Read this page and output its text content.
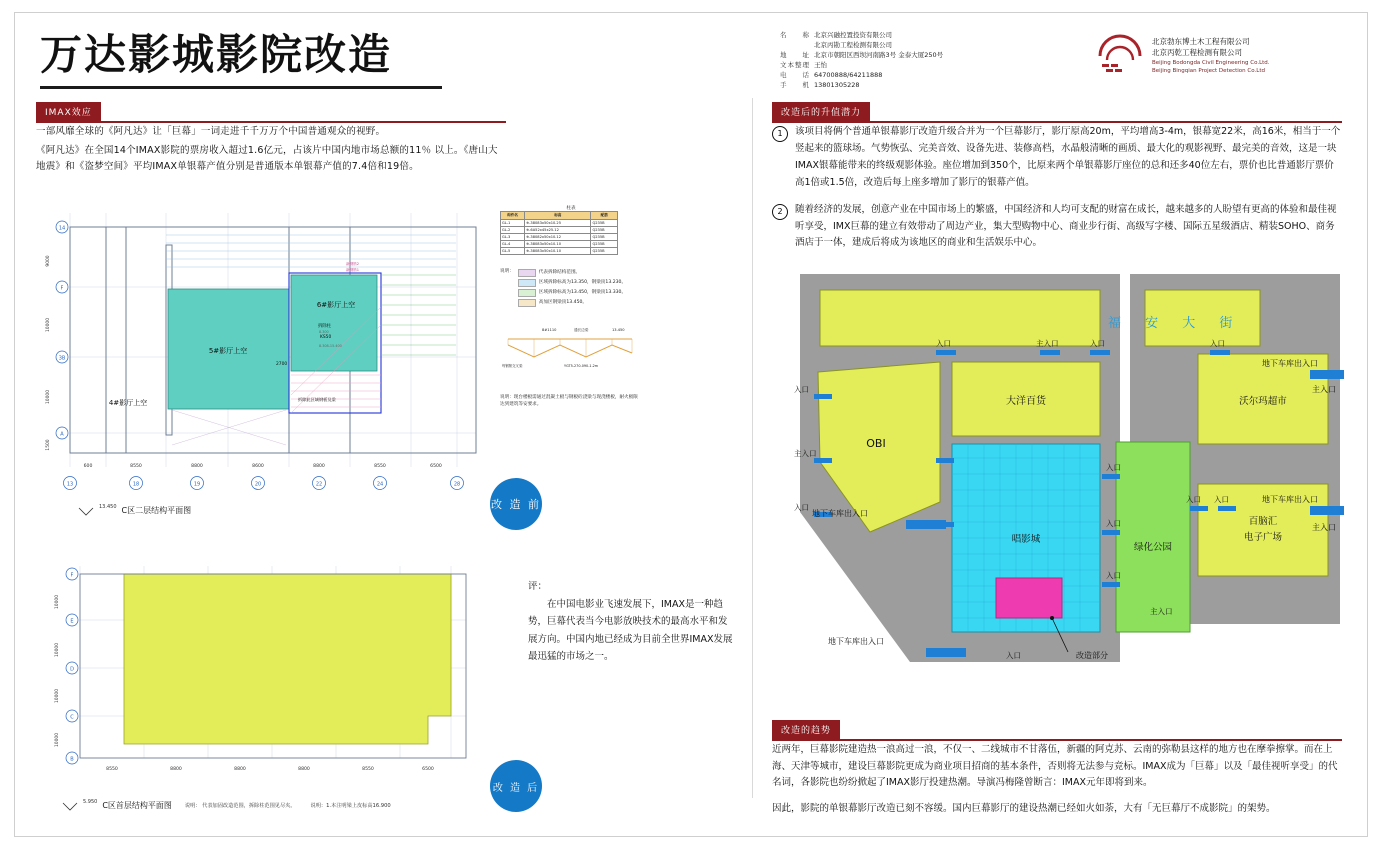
万达影城影院改造	名　　称	北京兴融控置投资有限公司
	北京丙勘工程检测有限公司
地　　址	北京市朝阳区西坝河南路3号 金泰大厦250号
文本整理	王怡
电　　话	64700888/64211888
手　　机	13801305228
北京勃东博土木工程有限公司
北京丙乾工程检测有限公司
Beijing Bodongda Civil Engineering Co.Ltd.
Beijing Bingqian Project Detection Co.Ltd
IMAX效应
一部风靡全球的《阿凡达》让「巨幕」一词走进千千万万个中国普通观众的视野。
《阿凡达》在全国14个IMAX影院的票房收入超过1.6亿元，占该片中国内地市场总额的11％ 以上。《唐山大地震》和《盗梦空间》平均IMAX单银幕产值分别是普通版本单银幕产值的7.4倍和19倍。
14
F
3B
A
9000
10000
10000
1500
600	8550	8800	8600	8800	8550	6500
13	18	19	20	22	24	28
5#影厅上空
6#影厅上空
4#影厅上空
拆除柱
KS50
2700
拆除此区域钢板及梁
新钢筋2
新钢筋1
8.300
8.308-15.400
柱表
构件名	标高	配筋
GL-1	※-38083x50x10.25	Q235B
GL-2	※-6A52x45x25.12	Q235B
GL-3	※-38082x50x10.12	Q235B
GL-4	※-38083x50x10.10	Q235B
GL-5	※-38083x50x10.10	Q235B
说明：	代表拆除结构范围。
区域拆除标高为13.350，钢梁顶13.230。
区域拆除标高为13.450，钢梁顶13.330。
高加区钢梁顶13.450。
8#1110	通长边梁	13.450
每钢筋交叉梁	YGT5-270-090-1.2m
说明：现台楼板需通过混凝土板与钢板砼浇梁与现浇楼板，耐火极限达到建筑等安要求。
改 造 前
13.450 C区二层结构平面图
F
E
D
C
B
10000
10000
10000
10000
8550	8800	8800	8800	8550	6500
改 造 后
5.950 C区首层结构平面图	说明： 代表加固改造范围，拆除柱范围见尽夹。	说明：1.本注明梁上皮标高16.900
评：
在中国电影业飞速发展下，IMAX是一种趋势，巨幕代表当今电影放映技术的最高水平和发展方向。中国内地已经成为目前全世界IMAX发展最迅猛的市场之一。
改造后的升值潜力
1	该项目将俩个普通单银幕影厅改造升级合并为一个巨幕影厅，影厅原高20m，平均增高3-4m，银幕宽22米，高16米，相当于一个竖起来的篮球场。气势恢弘、完美音效、设备先进、装修高档，水晶般清晰的画质、最大化的观影视野、最完美的音效，这是一块IMAX银幕能带来的终级观影体验。座位增加到350个，比原来两个单银幕影厅座位的总和还多40位左右，票价也比普通影厅票价高1倍或1.5倍，改造后每上座多增加了影厅的银幕产值。
2	随着经济的发展，创意产业在中国市场上的繁盛，中国经济和人均可支配的财富在成长，越来越多的人盼望有更高的体验和最佳视听享受，IMX巨幕的建立有效带动了周边产业，集大型购物中心、商业步行街、高级写字楼、国际五星级酒店、精装SOHO、商务酒店于一体，建成后将成为该地区的商业和生活娱乐中心。
OBI
大洋百货
唱影城
绿化公园
沃尔玛超市
百脑汇
电子广场
福 安 大 街
入口	主入口	入口	入口
入口
主入口
入口
入口
入口
入口
入口 入口
主入口
入口
地下车库出入口
地下车库出入口
地下车库出入口
地下车库出入口
主入口
主入口
改造部分
改造的趋势

近两年，巨幕影院建造热一浪高过一浪，不仅一、二线城市不甘落伍，新疆的阿克苏、云南的弥勒县这样的地方也在摩拳擦掌。而在上海、天津等城市，建设巨幕影院更成为商业项目招商的基本条件，否则将无法参与竞标。IMAX成为「巨幕」以及「最佳视听享受」的代名词，各影院也纷纷掀起了IMAX影厅投建热潮。导演冯梅隆曾断言：IMAX元年即将到来。

因此，影院的单银幕影厅改造已刻不容缓。国内巨幕影厅的建设热潮已经如火如荼，大有「无巨幕厅不成影院」的架势。
